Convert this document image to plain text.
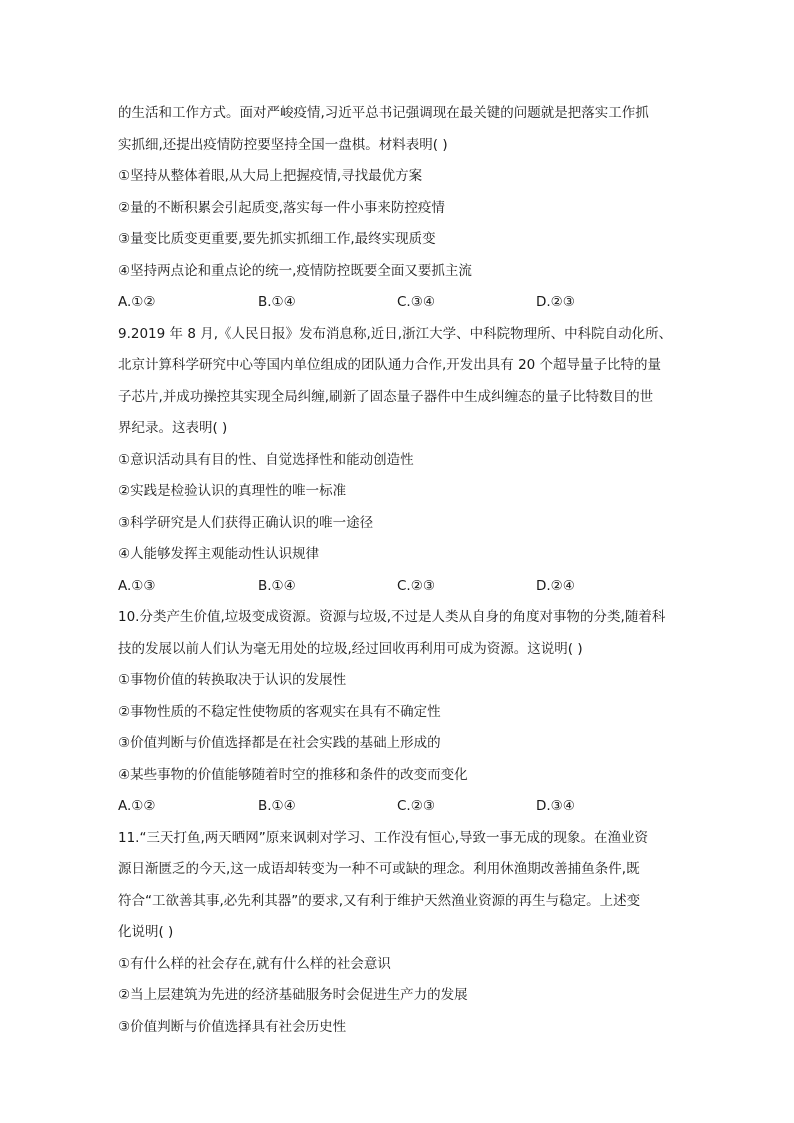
的生活和工作方式。面对严峻疫情,习近平总书记强调现在最关键的问题就是把落实工作抓
实抓细,还提出疫情防控要坚持全国一盘棋。材料表明( )
①坚持从整体着眼,从大局上把握疫情,寻找最优方案
②量的不断积累会引起质变,落实每一件小事来防控疫情
③量变比质变更重要,要先抓实抓细工作,最终实现质变
④坚持两点论和重点论的统一,疫情防控既要全面又要抓主流
A.①②	B.①④	C.③④	D.②③
9.2019 年 8 月,《人民日报》发布消息称,近日,浙江大学、中科院物理所、中科院自动化所、
北京计算科学研究中心等国内单位组成的团队通力合作,开发出具有 20 个超导量子比特的量
子芯片,并成功操控其实现全局纠缠,刷新了固态量子器件中生成纠缠态的量子比特数目的世
界纪录。这表明( )
①意识活动具有目的性、自觉选择性和能动创造性
②实践是检验认识的真理性的唯一标准
③科学研究是人们获得正确认识的唯一途径
④人能够发挥主观能动性认识规律
A.①③	B.①④	C.②③	D.②④
10.分类产生价值,垃圾变成资源。资源与垃圾,不过是人类从自身的角度对事物的分类,随着科
技的发展以前人们认为毫无用处的垃圾,经过回收再利用可成为资源。这说明( )
①事物价值的转换取决于认识的发展性
②事物性质的不稳定性使物质的客观实在具有不确定性
③价值判断与价值选择都是在社会实践的基础上形成的
④某些事物的价值能够随着时空的推移和条件的改变而变化
A.①②	B.①④	C.②③	D.③④
11.“三天打鱼,两天晒网”原来讽刺对学习、工作没有恒心,导致一事无成的现象。在渔业资
源日渐匮乏的今天,这一成语却转变为一种不可或缺的理念。利用休渔期改善捕鱼条件,既
符合“工欲善其事,必先利其器”的要求,又有利于维护天然渔业资源的再生与稳定。上述变
化说明( )
①有什么样的社会存在,就有什么样的社会意识
②当上层建筑为先进的经济基础服务时会促进生产力的发展
③价值判断与价值选择具有社会历史性
